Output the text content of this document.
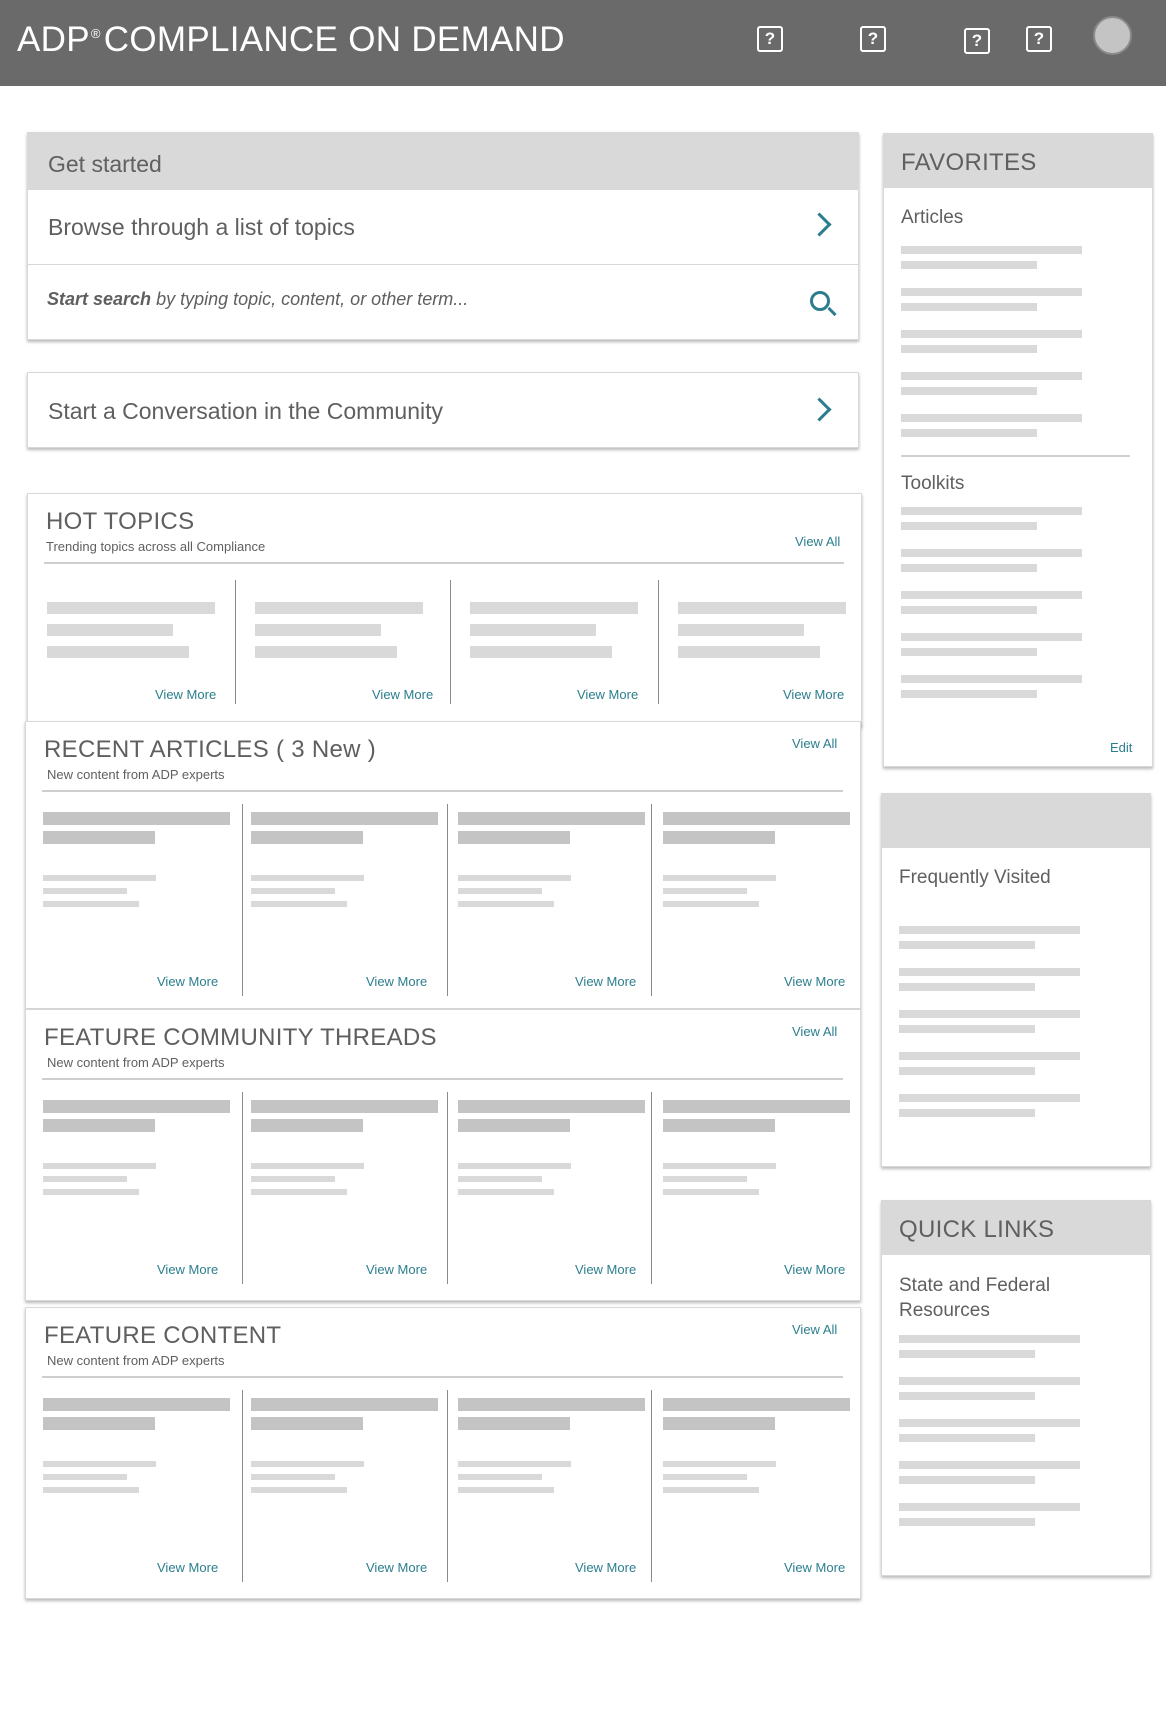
ADP®COMPLIANCE ON DEMAND	?	?	?	?
Get started
Browse through a list of topics
Start search by typing topic, content, or other term...
Start a Conversation in the Community
HOT TOPICS
Trending topics across all Compliance	View All
View More	View More	View More	View More
RECENT ARTICLES ( 3 New )
New content from ADP experts
View All
View More	View More	View More	View More
FEATURE COMMUNITY THREADS
New content from ADP experts
View All
View More	View More	View More	View More
FEATURE CONTENT
New content from ADP experts
View All
View More	View More	View More	View More
FAVORITES
Articles
Toolkits
Edit
Frequently Visited
QUICK LINKS
State and Federal
Resources
